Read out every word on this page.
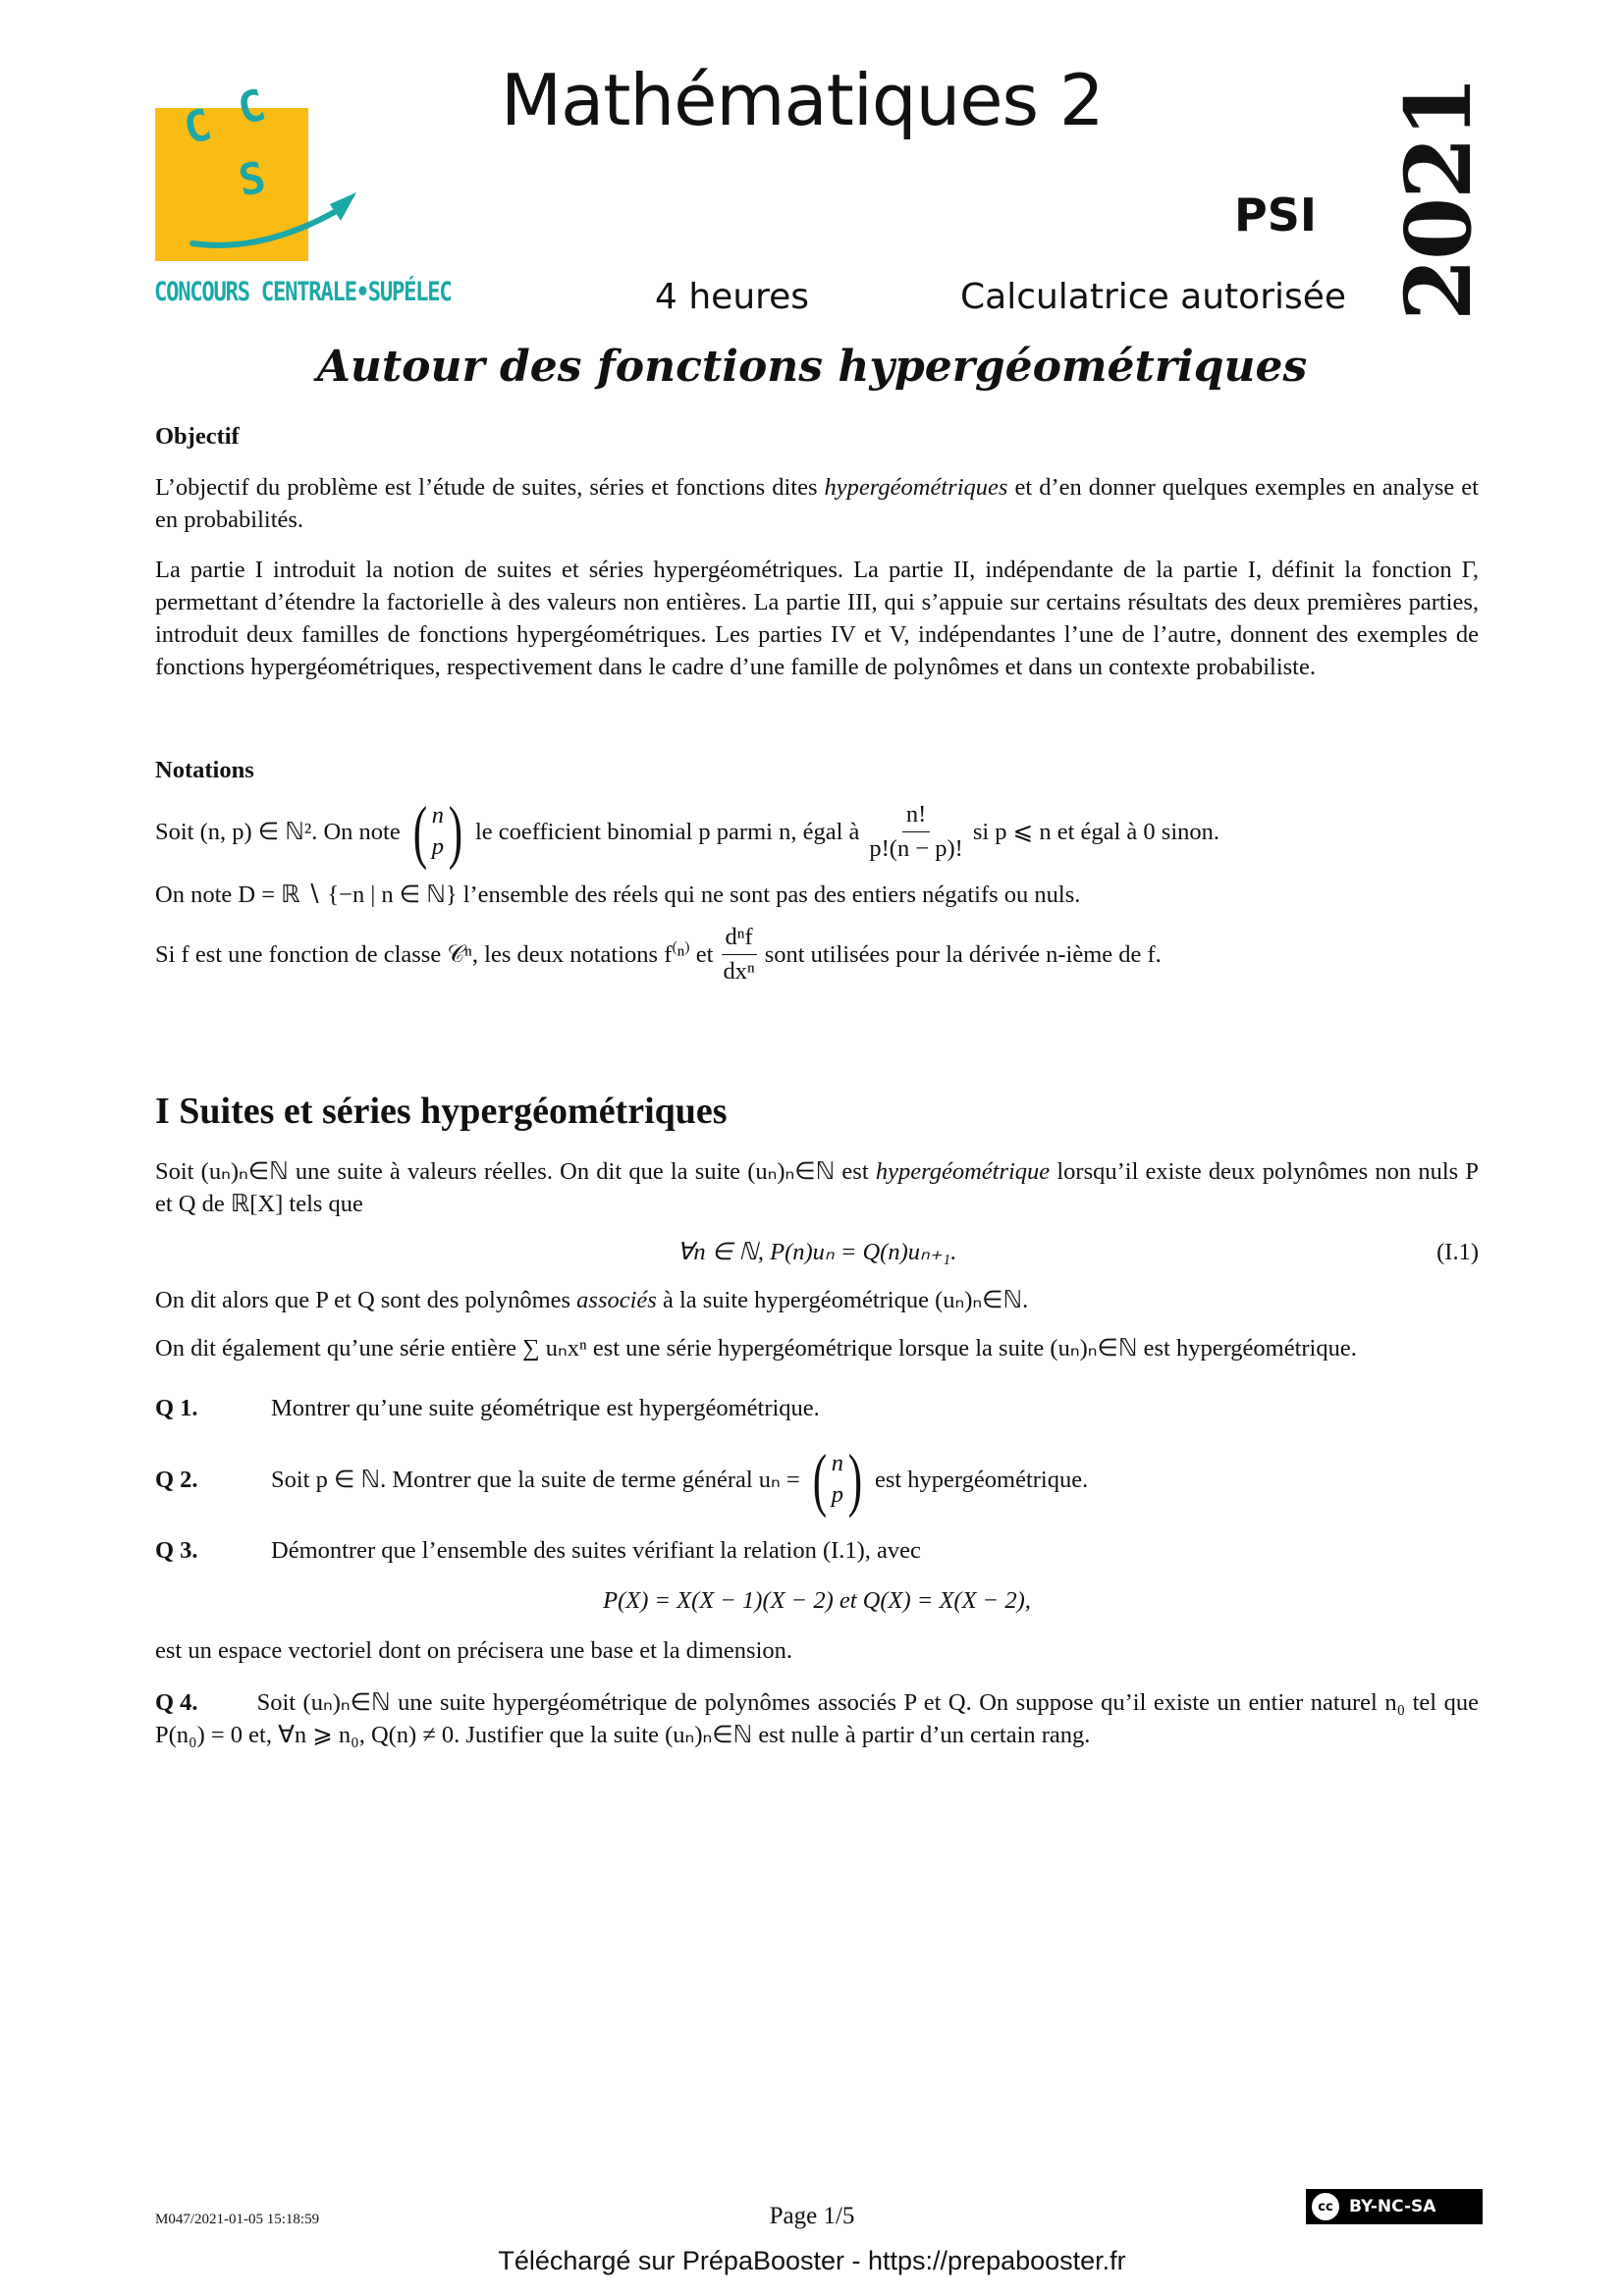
C C
S
CONCOURS CENTRALE•SUPÉLEC
Mathématiques 2
PSI
4 heures	Calculatrice autorisée 2021
Autour des fonctions hypergéométriques
Objectif

L’objectif du problème est l’étude de suites, séries et fonctions dites hypergéométriques et d’en donner quelques exemples en analyse et en probabilités.

La partie I introduit la notion de suites et séries hypergéométriques. La partie II, indépendante de la partie I, définit la fonction Γ, permettant d’étendre la factorielle à des valeurs non entières. La partie III, qui s’appuie sur certains résultats des deux premières parties, introduit deux familles de fonctions hypergéométriques. Les parties IV et V, indépendantes l’une de l’autre, donnent des exemples de fonctions hypergéométriques, respectivement dans le cadre d’une famille de polynômes et dans un contexte probabiliste.

Notations
Soit (n, p) ∈ ℕ². On note ( n
p ) le coefficient binomial p parmi n, égal à $\frac{n!}{p!(n - p)!}$ si p ⩽ n et égal à 0 sinon.

On note D = ℝ ∖ {−n | n ∈ ℕ} l’ensemble des réels qui ne sont pas des entiers négatifs ou nuls.

Si f est une fonction de classe 𝒞ⁿ, les deux notations f⁽ⁿ⁾ et $\frac{\text{dⁿf}}{\text{dxⁿ}}$ sont utilisées pour la dérivée n-ième de f.
I Suites et séries hypergéométriques

Soit (uₙ)ₙ∈ℕ une suite à valeurs réelles. On dit que la suite (uₙ)ₙ∈ℕ est hypergéométrique lorsqu’il existe deux polynômes non nuls P et Q de ℝ[X] tels que

∀n ∈ ℕ, P(n)uₙ = Q(n)uₙ₊₁.	(I.1)

On dit alors que P et Q sont des polynômes associés à la suite hypergéométrique (uₙ)ₙ∈ℕ.

On dit également qu’une série entière ∑ uₙxⁿ est une série hypergéométrique lorsque la suite (uₙ)ₙ∈ℕ est hypergéométrique.

Q 1.	Montrer qu’une suite géométrique est hypergéométrique.

Q 2.	Soit p ∈ ℕ. Montrer que la suite de terme général uₙ = ( n
p ) est hypergéométrique.

Q 3.	Démontrer que l’ensemble des suites vérifiant la relation (I.1), avec

P(X) = X(X − 1)(X − 2) et Q(X) = X(X − 2),

est un espace vectoriel dont on précisera une base et la dimension.

Q 4. Soit (uₙ)ₙ∈ℕ une suite hypergéométrique de polynômes associés P et Q. On suppose qu’il existe un entier naturel n₀ tel que P(n₀) = 0 et, ∀n ⩾ n₀, Q(n) ≠ 0. Justifier que la suite (uₙ)ₙ∈ℕ est nulle à partir d’un certain rang.

M047/2021-01-05 15:18:59	Page 1/5	cc BY-NC-SA
Téléchargé sur PrépaBooster - https://prepabooster.fr
